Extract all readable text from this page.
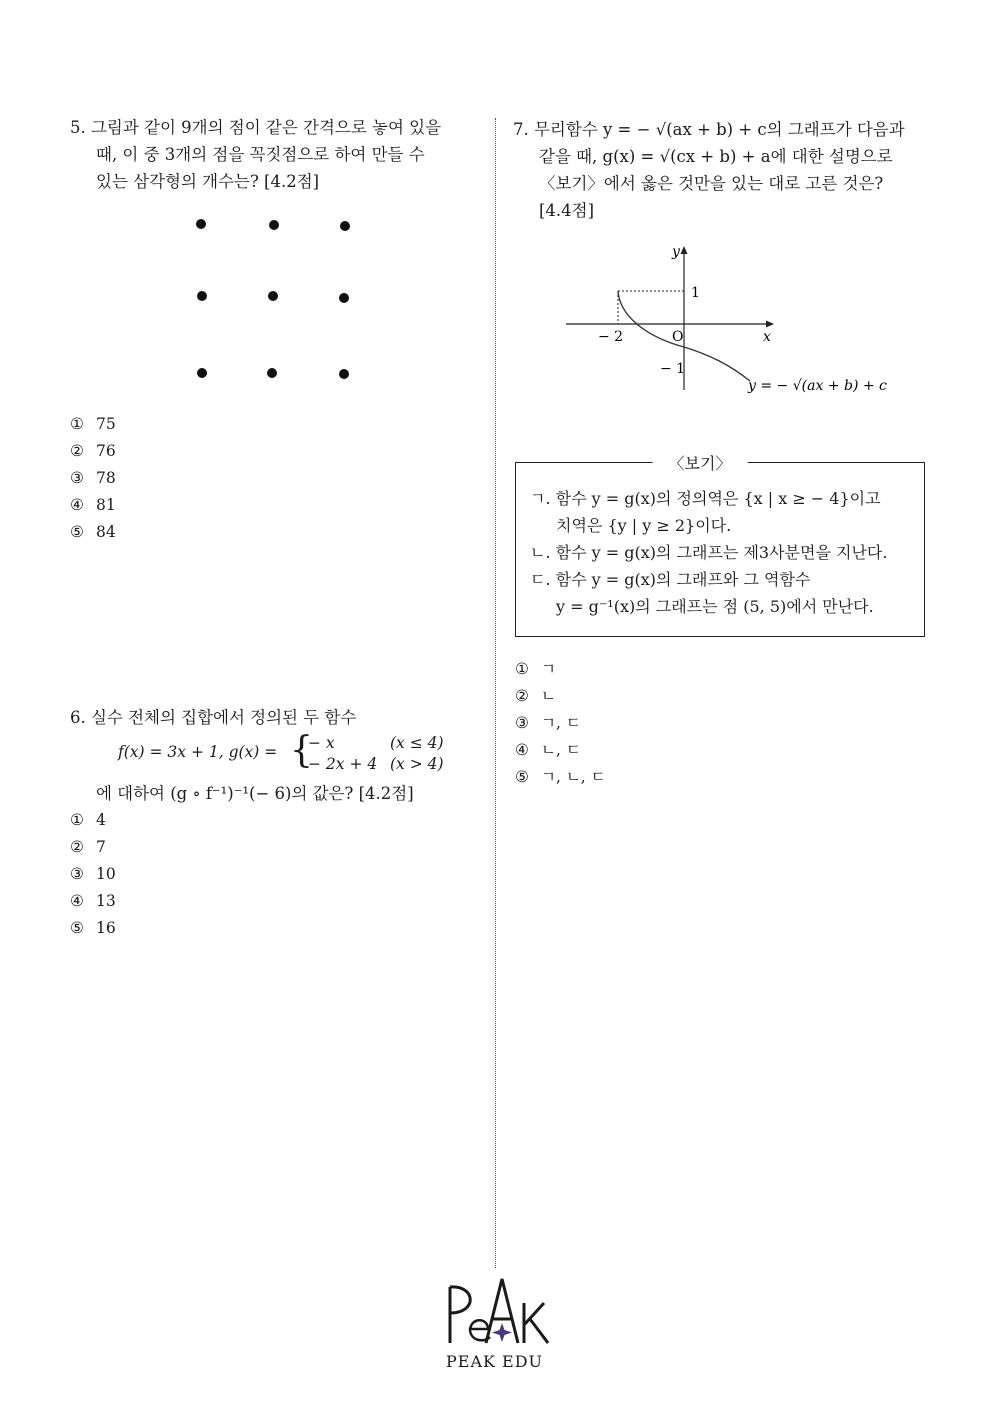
5. 그림과 같이 9개의 점이 같은 간격으로 놓여 있을
때, 이 중 3개의 점을 꼭짓점으로 하여 만들 수
있는 삼각형의 개수는? [4.2점]
① 75
② 76
③ 78
④ 81
⑤ 84
6. 실수 전체의 집합에서 정의된 두 함수
f(x) = 3x + 1, g(x) = {
− x	(x ≤ 4)
− 2x + 4 (x > 4)
에 대하여 (g ∘ f⁻¹)⁻¹(− 6)의 값은? [4.2점]
① 4
② 7
③ 10
④ 13
⑤ 16
7. 무리함수 y = − √(ax + b) + c의 그래프가 다음과
같을 때, g(x) = √(cx + b) + a에 대한 설명으로
〈보기〉에서 옳은 것만을 있는 대로 고른 것은?
[4.4점]
y
x
O
− 2
1
− 1
y = − √(ax + b) + c
〈보기〉
ㄱ. 함수 y = g(x)의 정의역은 {x | x ≥ − 4}이고
치역은 {y | y ≥ 2}이다.
ㄴ. 함수 y = g(x)의 그래프는 제3사분면을 지난다.
ㄷ. 함수 y = g(x)의 그래프와 그 역함수
y = g⁻¹(x)의 그래프는 점 (5, 5)에서 만난다.
① ㄱ
② ㄴ
③ ㄱ, ㄷ
④ ㄴ, ㄷ
⑤ ㄱ, ㄴ, ㄷ
PEAK EDU
